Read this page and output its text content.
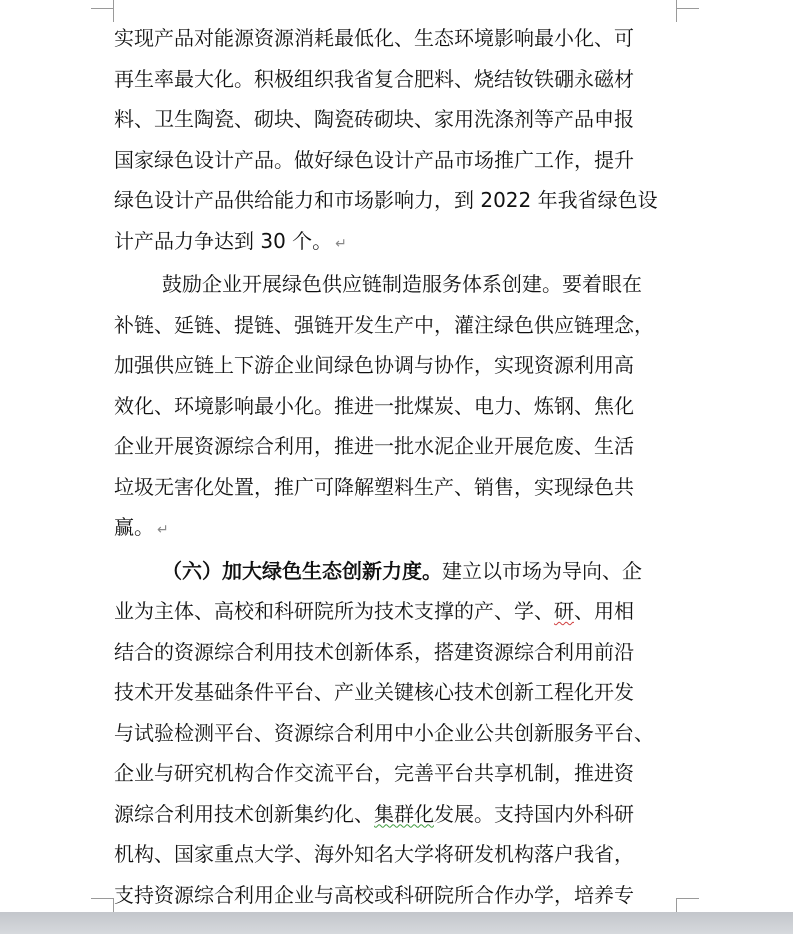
实现产品对能源资源消耗最低化、生态环境影响最小化、可
再生率最大化。积极组织我省复合肥料、烧结钕铁硼永磁材
料、卫生陶瓷、砌块、陶瓷砖砌块、家用洗涤剂等产品申报
国家绿色设计产品。做好绿色设计产品市场推广工作，提升
绿色设计产品供给能力和市场影响力，到 2022 年我省绿色设
计产品力争达到 30 个。 ↵

鼓励企业开展绿色供应链制造服务体系创建。要着眼在
补链、延链、提链、强链开发生产中，灌注绿色供应链理念，
加强供应链上下游企业间绿色协调与协作，实现资源利用高
效化、环境影响最小化。推进一批煤炭、电力、炼钢、焦化
企业开展资源综合利用，推进一批水泥企业开展危废、生活
垃圾无害化处置，推广可降解塑料生产、销售，实现绿色共
赢。 ↵

（六）加大绿色生态创新力度。建立以市场为导向、企
业为主体、高校和科研院所为技术支撑的产、学、研、用相
结合的资源综合利用技术创新体系，搭建资源综合利用前沿
技术开发基础条件平台、产业关键核心技术创新工程化开发
与试验检测平台、资源综合利用中小企业公共创新服务平台、
企业与研究机构合作交流平台，完善平台共享机制，推进资
源综合利用技术创新集约化、集群化发展。支持国内外科研
机构、国家重点大学、海外知名大学将研发机构落户我省，
支持资源综合利用企业与高校或科研院所合作办学，培养专
